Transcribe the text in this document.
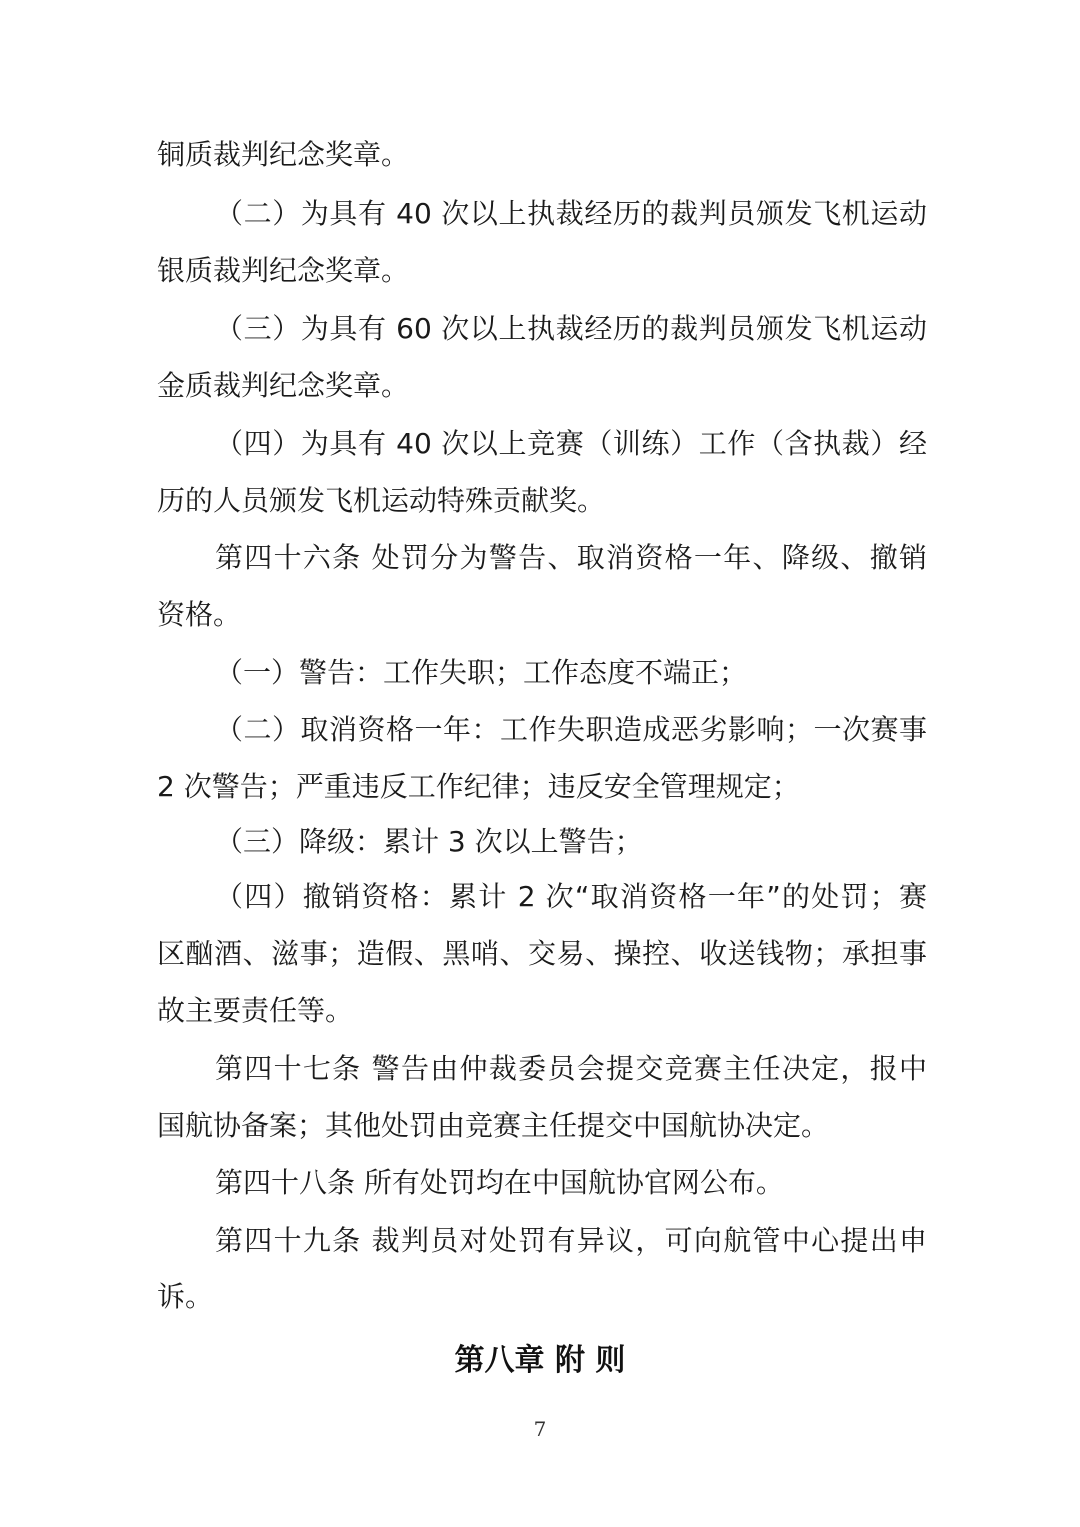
铜质裁判纪念奖章。
（二）为具有 40 次以上执裁经历的裁判员颁发飞机运动
银质裁判纪念奖章。
（三）为具有 60 次以上执裁经历的裁判员颁发飞机运动
金质裁判纪念奖章。
（四）为具有 40 次以上竞赛（训练）工作（含执裁）经
历的人员颁发飞机运动特殊贡献奖。
第四十六条 处罚分为警告、取消资格一年、降级、撤销
资格。
（一）警告：工作失职；工作态度不端正；
（二）取消资格一年：工作失职造成恶劣影响；一次赛事
2 次警告；严重违反工作纪律；违反安全管理规定；
（三）降级：累计 3 次以上警告；
（四）撤销资格：累计 2 次“取消资格一年”的处罚；赛
区酗酒、滋事；造假、黑哨、交易、操控、收送钱物；承担事
故主要责任等。
第四十七条 警告由仲裁委员会提交竞赛主任决定，报中
国航协备案；其他处罚由竞赛主任提交中国航协决定。
第四十八条 所有处罚均在中国航协官网公布。
第四十九条 裁判员对处罚有异议，可向航管中心提出申
诉。
第八章 附 则
7
